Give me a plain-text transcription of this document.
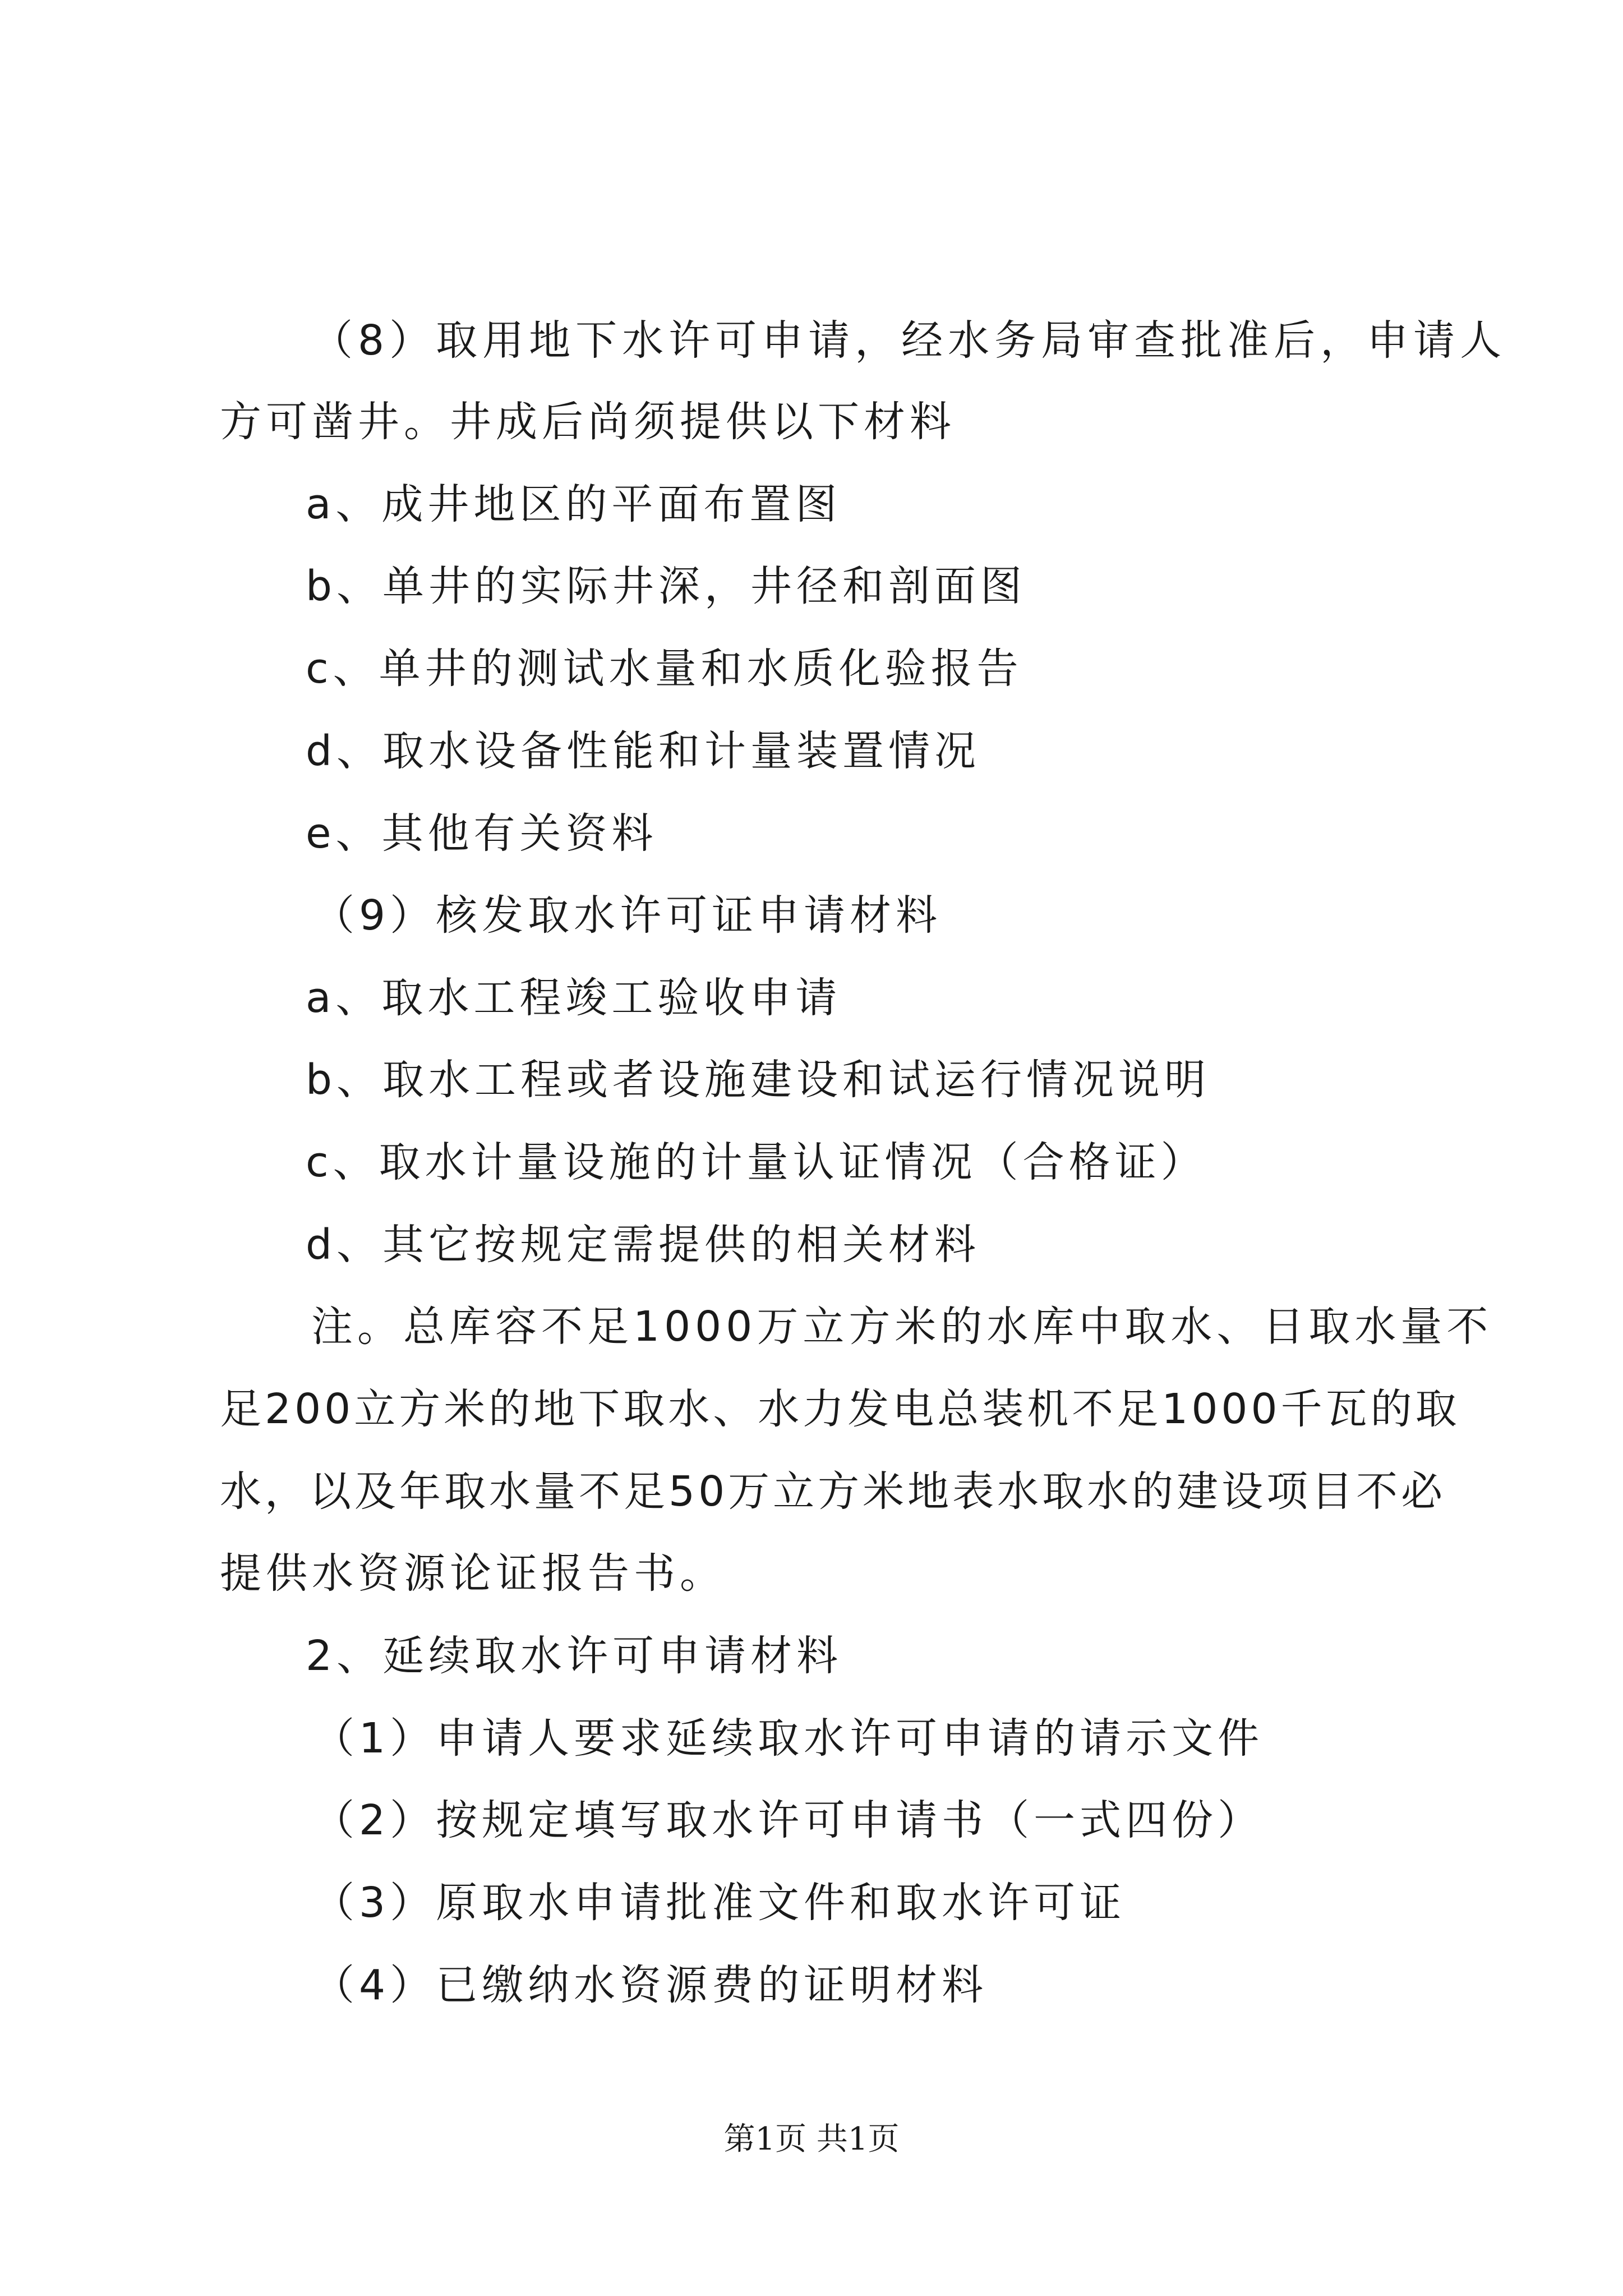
（8）取用地下水许可申请，经水务局审查批准后，申请人
方可凿井。井成后尚须提供以下材料
a、成井地区的平面布置图
b、单井的实际井深，井径和剖面图
c、单井的测试水量和水质化验报告
d、取水设备性能和计量装置情况
e、其他有关资料
（9）核发取水许可证申请材料
a、取水工程竣工验收申请
b、取水工程或者设施建设和试运行情况说明
c、取水计量设施的计量认证情况（合格证）
d、其它按规定需提供的相关材料
注。总库容不足1000万立方米的水库中取水、日取水量不
足200立方米的地下取水、水力发电总装机不足1000千瓦的取
水，以及年取水量不足50万立方米地表水取水的建设项目不必
提供水资源论证报告书。
2、延续取水许可申请材料
（1）申请人要求延续取水许可申请的请示文件
（2）按规定填写取水许可申请书（一式四份）
（3）原取水申请批准文件和取水许可证
（4）已缴纳水资源费的证明材料
第1页 共1页
